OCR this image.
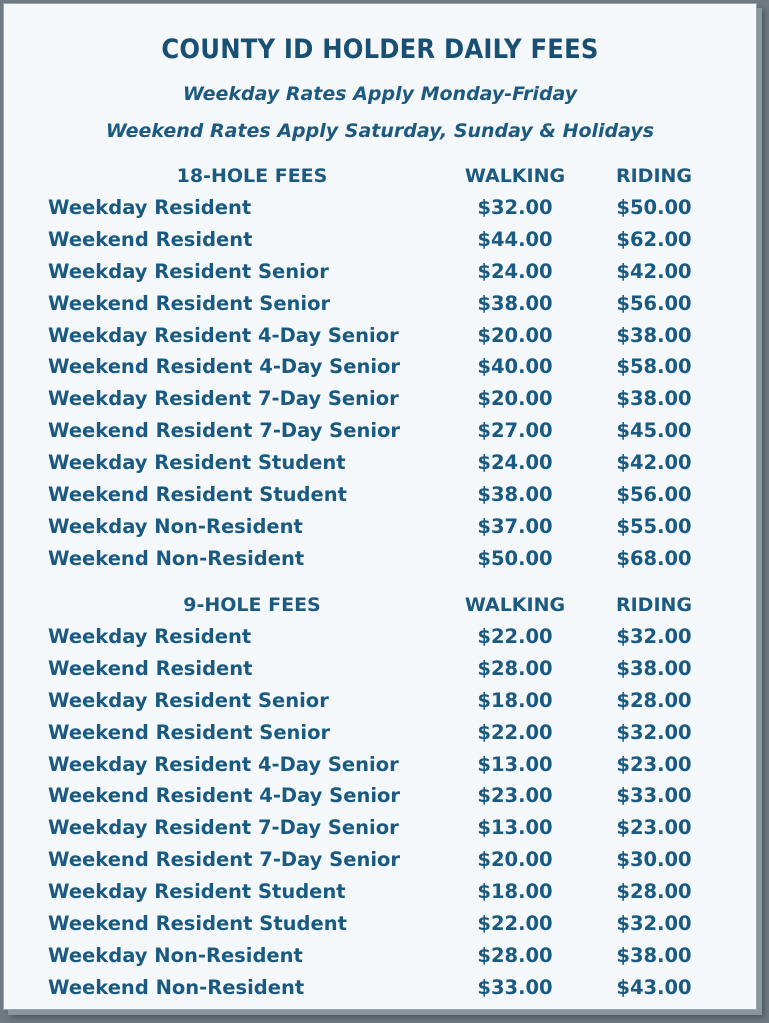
COUNTY ID HOLDER DAILY FEES
Weekday Rates Apply Monday-Friday
Weekend Rates Apply Saturday, Sunday & Holidays
18-HOLE FEES	WALKING	RIDING
Weekday Resident	$32.00	$50.00
Weekend Resident	$44.00	$62.00
Weekday Resident Senior	$24.00	$42.00
Weekend Resident Senior	$38.00	$56.00
Weekday Resident 4-Day Senior	$20.00	$38.00
Weekend Resident 4-Day Senior	$40.00	$58.00
Weekday Resident 7-Day Senior	$20.00	$38.00
Weekend Resident 7-Day Senior	$27.00	$45.00
Weekday Resident Student	$24.00	$42.00
Weekend Resident Student	$38.00	$56.00
Weekday Non-Resident	$37.00	$55.00
Weekend Non-Resident	$50.00	$68.00
9-HOLE FEES	WALKING	RIDING
Weekday Resident	$22.00	$32.00
Weekend Resident	$28.00	$38.00
Weekday Resident Senior	$18.00	$28.00
Weekend Resident Senior	$22.00	$32.00
Weekday Resident 4-Day Senior	$13.00	$23.00
Weekend Resident 4-Day Senior	$23.00	$33.00
Weekday Resident 7-Day Senior	$13.00	$23.00
Weekend Resident 7-Day Senior	$20.00	$30.00
Weekday Resident Student	$18.00	$28.00
Weekend Resident Student	$22.00	$32.00
Weekday Non-Resident	$28.00	$38.00
Weekend Non-Resident	$33.00	$43.00
